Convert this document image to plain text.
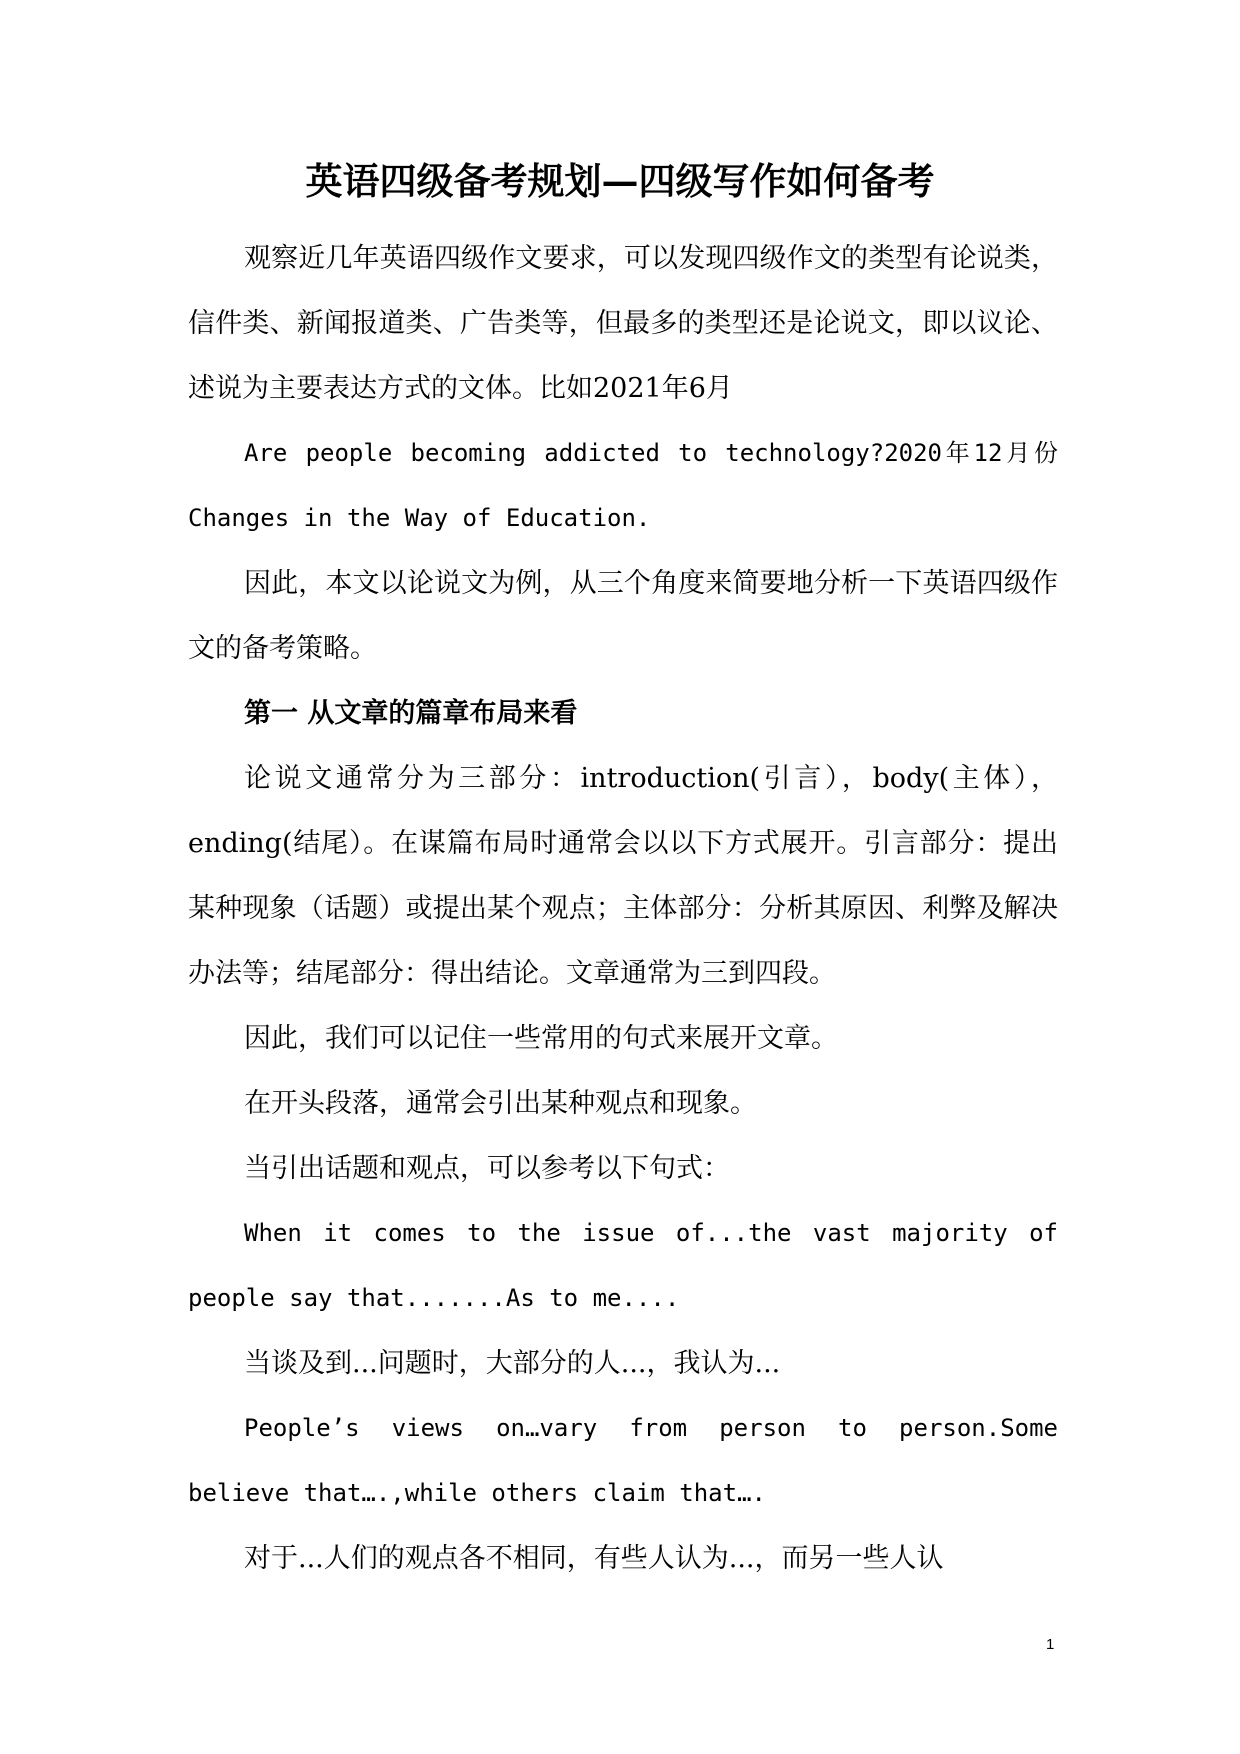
英语四级备考规划—四级写作如何备考

观察近几年英语四级作文要求，可以发现四级作文的类型有论说类，信件类、新闻报道类、广告类等，但最多的类型还是论说文，即以议论、述说为主要表达方式的文体。比如2021年6月

Are people becoming addicted to technology?2020年12月份Changes in the Way of Education.

因此，本文以论说文为例，从三个角度来简要地分析一下英语四级作文的备考策略。

第一 从文章的篇章布局来看

论说文通常分为三部分：introduction(引言），body(主体），ending(结尾）。在谋篇布局时通常会以以下方式展开。引言部分：提出某种现象（话题）或提出某个观点；主体部分：分析其原因、利弊及解决办法等；结尾部分：得出结论。文章通常为三到四段。

因此，我们可以记住一些常用的句式来展开文章。

在开头段落，通常会引出某种观点和现象。

当引出话题和观点，可以参考以下句式：

When it comes to the issue of...the vast majority of people say that.......As to me....

当谈及到...问题时，大部分的人...，我认为...

People’s views on…vary from person to person.Some believe that….,while others claim that….

对于...人们的观点各不相同，有些人认为...，而另一些人认

1
